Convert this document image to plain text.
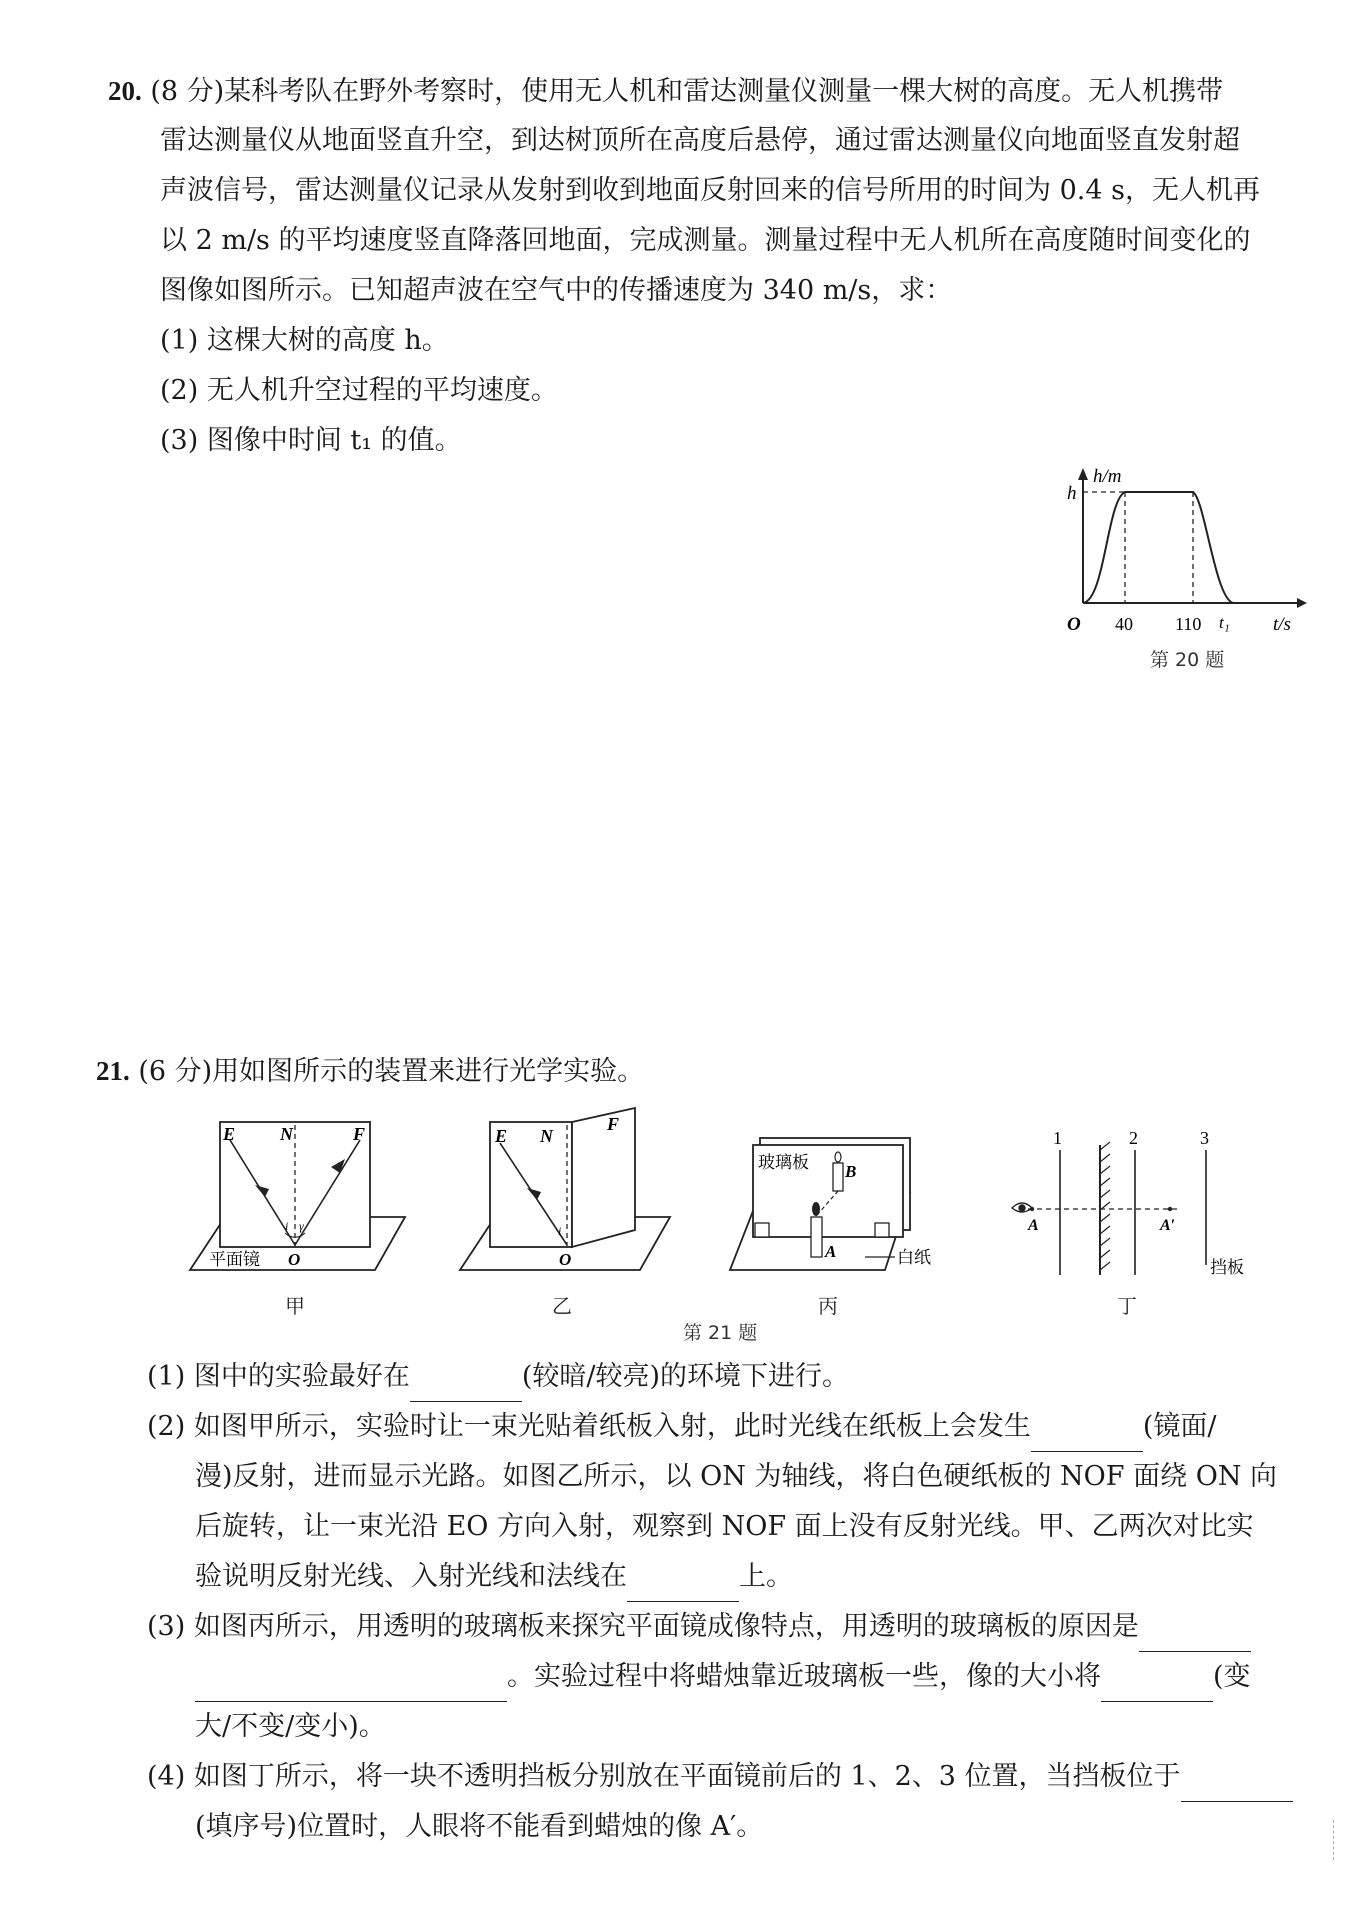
20. (8 分)某科考队在野外考察时，使用无人机和雷达测量仪测量一棵大树的高度。无人机携带
雷达测量仪从地面竖直升空，到达树顶所在高度后悬停，通过雷达测量仪向地面竖直发射超
声波信号，雷达测量仪记录从发射到收到地面反射回来的信号所用的时间为 0.4 s，无人机再
以 2 m/s 的平均速度竖直降落回地面，完成测量。测量过程中无人机所在高度随时间变化的
图像如图所示。已知超声波在空气中的传播速度为 340 m/s，求：
(1) 这棵大树的高度 h。
(2) 无人机升空过程的平均速度。
(3) 图像中时间 t₁ 的值。
h/m
h
O 40 110 t₁ t/s
第 20 题
21. (6 分)用如图所示的装置来进行光学实验。
E N	F
i γ
O
平面镜
甲
E N
F
i
O
乙
玻璃板 B
A	白纸
丙
1	2	3
A	A′
挡板
丁
第 21 题
(1) 图中的实验最好在	(较暗/较亮)的环境下进行。
(2) 如图甲所示，实验时让一束光贴着纸板入射，此时光线在纸板上会发生	(镜面/
漫)反射，进而显示光路。如图乙所示，以 ON 为轴线，将白色硬纸板的 NOF 面绕 ON 向
后旋转，让一束光沿 EO 方向入射，观察到 NOF 面上没有反射光线。甲、乙两次对比实
验说明反射光线、入射光线和法线在	上。
(3) 如图丙所示，用透明的玻璃板来探究平面镜成像特点，用透明的玻璃板的原因是
。实验过程中将蜡烛靠近玻璃板一些，像的大小将	(变
大/不变/变小)。
(4) 如图丁所示，将一块不透明挡板分别放在平面镜前后的 1、2、3 位置，当挡板位于
(填序号)位置时，人眼将不能看到蜡烛的像 A′。
